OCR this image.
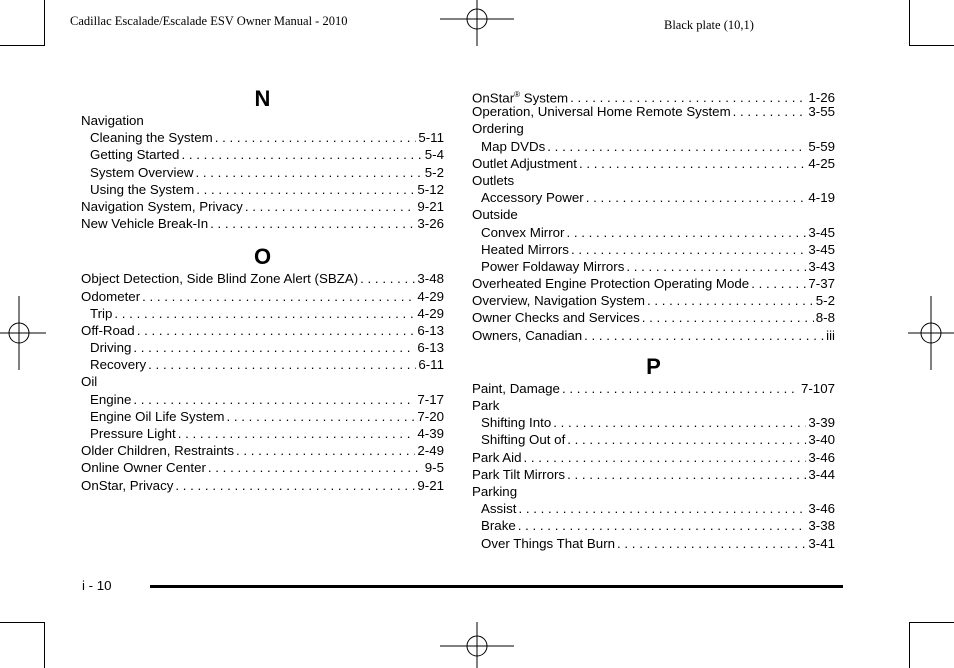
Cadillac Escalade/Escalade ESV Owner Manual - 2010	Black plate (10,1)
N
Navigation
Cleaning the System . . .	5-11
Getting Started . . .	5-4
System Overview . . .	5-2
Using the System . . .	5-12
Navigation System, Privacy . . .	9-21
New Vehicle Break-In . . .	3-26
O
Object Detection, Side Blind Zone Alert (SBZA) . . .	3-48
Odometer . . .	4-29
Trip . . .	4-29
Off-Road . . .	6-13
Driving . . .	6-13
Recovery . . .	6-11
Oil
Engine . . .	7-17
Engine Oil Life System . . .	7-20
Pressure Light . . .	4-39
Older Children, Restraints . . .	2-49
Online Owner Center . . .	9-5
OnStar, Privacy . . .	9-21
OnStar® System . . .	1-26
Operation, Universal Home Remote System . . .	3-55
Ordering
Map DVDs . . .	5-59
Outlet Adjustment . . .	4-25
Outlets
Accessory Power . . .	4-19
Outside
Convex Mirror . . .	3-45
Heated Mirrors . . .	3-45
Power Foldaway Mirrors . . .	3-43
Overheated Engine Protection Operating Mode . . .	7-37
Overview, Navigation System . . .	5-2
Owner Checks and Services . . .	8-8
Owners, Canadian . . .	iii
P
Paint, Damage . . .	7-107
Park
Shifting Into . . .	3-39
Shifting Out of . . .	3-40
Park Aid . . .	3-46
Park Tilt Mirrors . . .	3-44
Parking
Assist . . .	3-46
Brake . . .	3-38
Over Things That Burn . . .	3-41
i - 10
